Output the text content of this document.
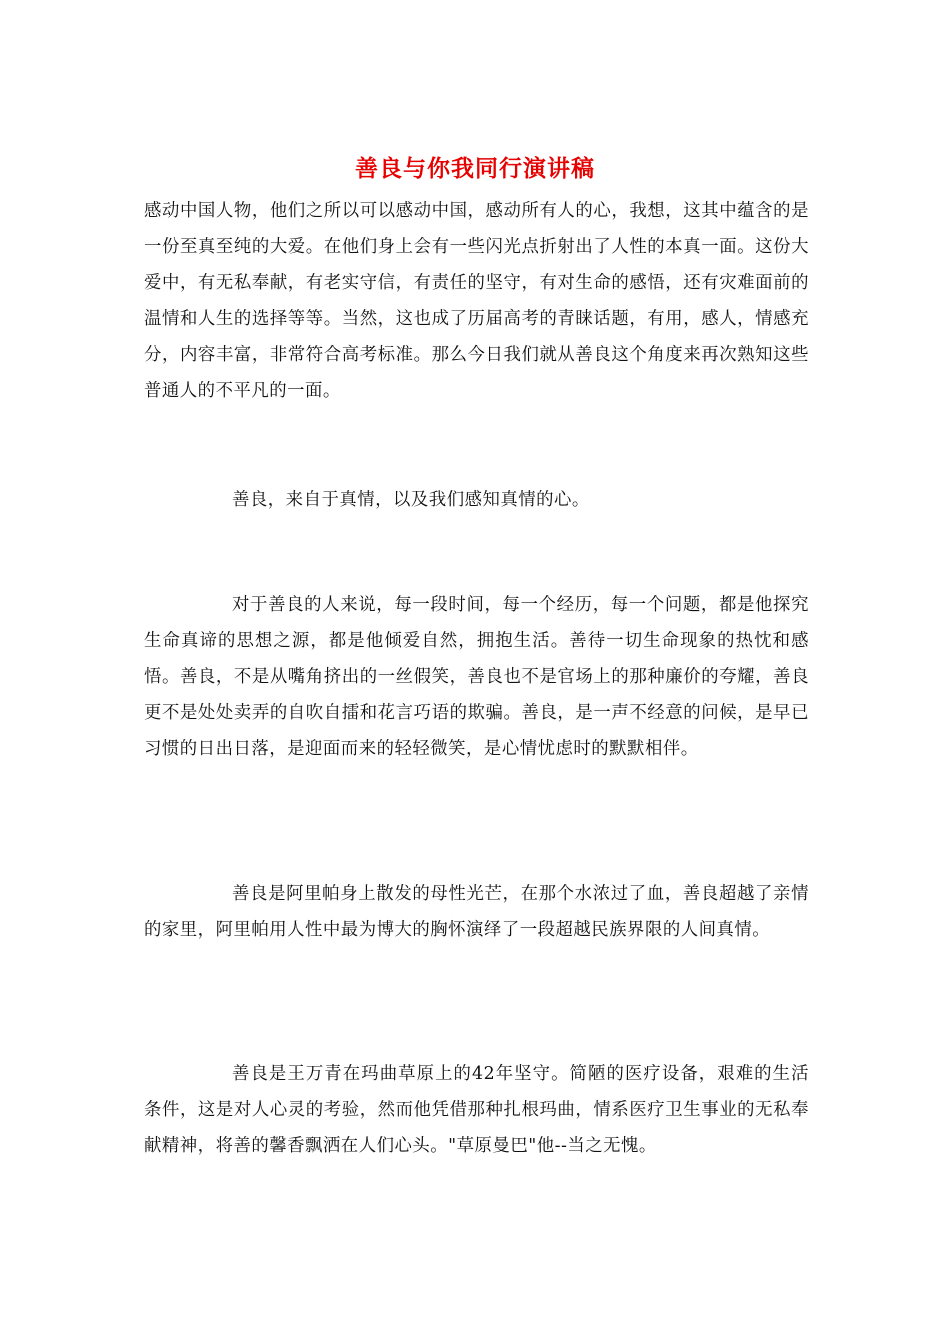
善良与你我同行演讲稿

感动中国人物，他们之所以可以感动中国，感动所有人的心，我想，这其中蕴含的是一份至真至纯的大爱。在他们身上会有一些闪光点折射出了人性的本真一面。这份大爱中，有无私奉献，有老实守信，有责任的坚守，有对生命的感悟，还有灾难面前的温情和人生的选择等等。当然，这也成了历届高考的青睐话题，有用，感人，情感充分，内容丰富，非常符合高考标准。那么今日我们就从善良这个角度来再次熟知这些普通人的不平凡的一面。

善良，来自于真情，以及我们感知真情的心。

对于善良的人来说，每一段时间，每一个经历，每一个问题，都是他探究生命真谛的思想之源，都是他倾爱自然，拥抱生活。善待一切生命现象的热忱和感悟。善良，不是从嘴角挤出的一丝假笑，善良也不是官场上的那种廉价的夸耀，善良更不是处处卖弄的自吹自擂和花言巧语的欺骗。善良，是一声不经意的问候，是早已习惯的日出日落，是迎面而来的轻轻微笑，是心情忧虑时的默默相伴。

善良是阿里帕身上散发的母性光芒，在那个水浓过了血，善良超越了亲情的家里，阿里帕用人性中最为博大的胸怀演绎了一段超越民族界限的人间真情。

善良是王万青在玛曲草原上的42年坚守。简陋的医疗设备，艰难的生活条件，这是对人心灵的考验，然而他凭借那种扎根玛曲，情系医疗卫生事业的无私奉献精神，将善的馨香飘洒在人们心头。"草原曼巴"他--当之无愧。
